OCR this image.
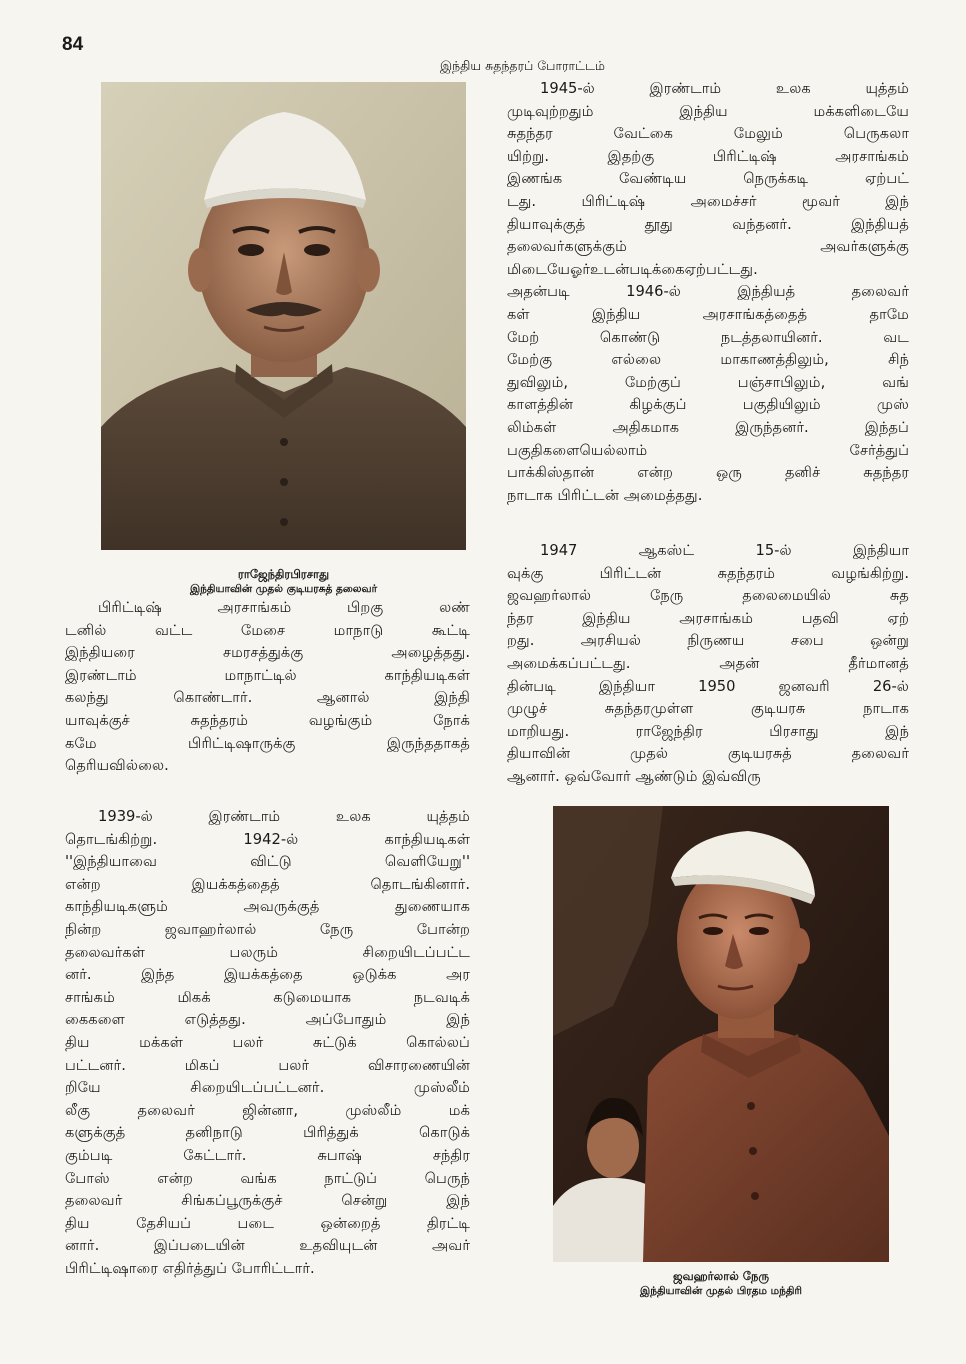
84
இந்திய சுதந்தரப் போராட்டம்
ராஜேந்திரபிரசாது
இந்தியாவின் முதல் குடியரசுத் தலைவர்
பிரிட்டிஷ் அரசாங்கம் பிறகு லண்
டனில் வட்ட மேசை மாநாடு கூட்டி
இந்தியரை சமரசத்துக்கு அழைத்தது.
இரண்டாம் மாநாட்டில் காந்தியடிகள்
கலந்து கொண்டார். ஆனால் இந்தி
யாவுக்குச் சுதந்தரம் வழங்கும் நோக்
கமே பிரிட்டிஷாருக்கு இருந்ததாகத்
தெரியவில்லை.
1939-ல் இரண்டாம் உலக யுத்தம்
தொடங்கிற்று. 1942-ல் காந்தியடிகள்
''இந்தியாவை விட்டு வெளியேறு''
என்ற இயக்கத்தைத் தொடங்கினார்.
காந்தியடிகளும் அவருக்குத் துணையாக
நின்ற ஜவாஹர்லால் நேரு போன்ற
தலைவர்கள் பலரும் சிறையிடப்பட்ட
னர். இந்த இயக்கத்தை ஒடுக்க அர
சாங்கம் மிகக் கடுமையாக நடவடிக்
கைகளை எடுத்தது. அப்போதும் இந்
திய மக்கள் பலர் சுட்டுக் கொல்லப்
பட்டனர். மிகப் பலர் விசாரணையின்
றியே சிறையிடப்பட்டனர். முஸ்லீம்
லீகு தலைவர் ஜின்னா, முஸ்லீம் மக்
களுக்குத் தனிநாடு பிரித்துக் கொடுக்
கும்படி கேட்டார். சுபாஷ் சந்திர
போஸ் என்ற வங்க நாட்டுப் பெருந்
தலைவர் சிங்கப்பூருக்குச் சென்று இந்
திய தேசியப் படை ஒன்றைத் திரட்டி
னார். இப்படையின் உதவியுடன் அவர்
பிரிட்டிஷாரை எதிர்த்துப் போரிட்டார்.
1945-ல் இரண்டாம் உலக யுத்தம்
முடிவுற்றதும் இந்திய மக்களிடையே
சுதந்தர வேட்கை மேலும் பெருகலா
யிற்று. இதற்கு பிரிட்டிஷ் அரசாங்கம்
இணங்க வேண்டிய நெருக்கடி ஏற்பட்
டது. பிரிட்டிஷ் அமைச்சர் மூவர் இந்
தியாவுக்குத் தூது வந்தனர். இந்தியத்
தலைவர்களுக்கும் அவர்களுக்கு
மிடையேஓர்உடன்படிக்கைஏற்பட்டது.
அதன்படி 1946-ல் இந்தியத் தலைவர்
கள் இந்திய அரசாங்கத்தைத் தாமே
மேற் கொண்டு நடத்தலாயினர். வட
மேற்கு எல்லை மாகாணத்திலும், சிந்
துவிலும், மேற்குப் பஞ்சாபிலும், வங்
காளத்தின் கிழக்குப் பகுதியிலும் முஸ்
லிம்கள் அதிகமாக இருந்தனர். இந்தப்
பகுதிகளையெல்லாம் சேர்த்துப்
பாக்கிஸ்தான் என்ற ஒரு தனிச் சுதந்தர
நாடாக பிரிட்டன் அமைத்தது.
1947 ஆகஸ்ட் 15-ல் இந்தியா
வுக்கு பிரிட்டன் சுதந்தரம் வழங்கிற்று.
ஜவஹர்லால் நேரு தலைமையில் சுத
ந்தர இந்திய அரசாங்கம் பதவி ஏற்
றது. அரசியல் நிருணய சபை ஒன்று
அமைக்கப்பட்டது. அதன் தீர்மானத்
தின்படி இந்தியா 1950 ஜனவரி 26-ல்
முழுச் சுதந்தரமுள்ள குடியரசு நாடாக
மாறியது. ராஜேந்திர பிரசாது இந்
தியாவின் முதல் குடியரசுத் தலைவர்
ஆனார். ஒவ்வோர் ஆண்டும் இவ்விரு
ஜவஹர்லால் நேரு
இந்தியாவின் முதல் பிரதம மந்திரி
